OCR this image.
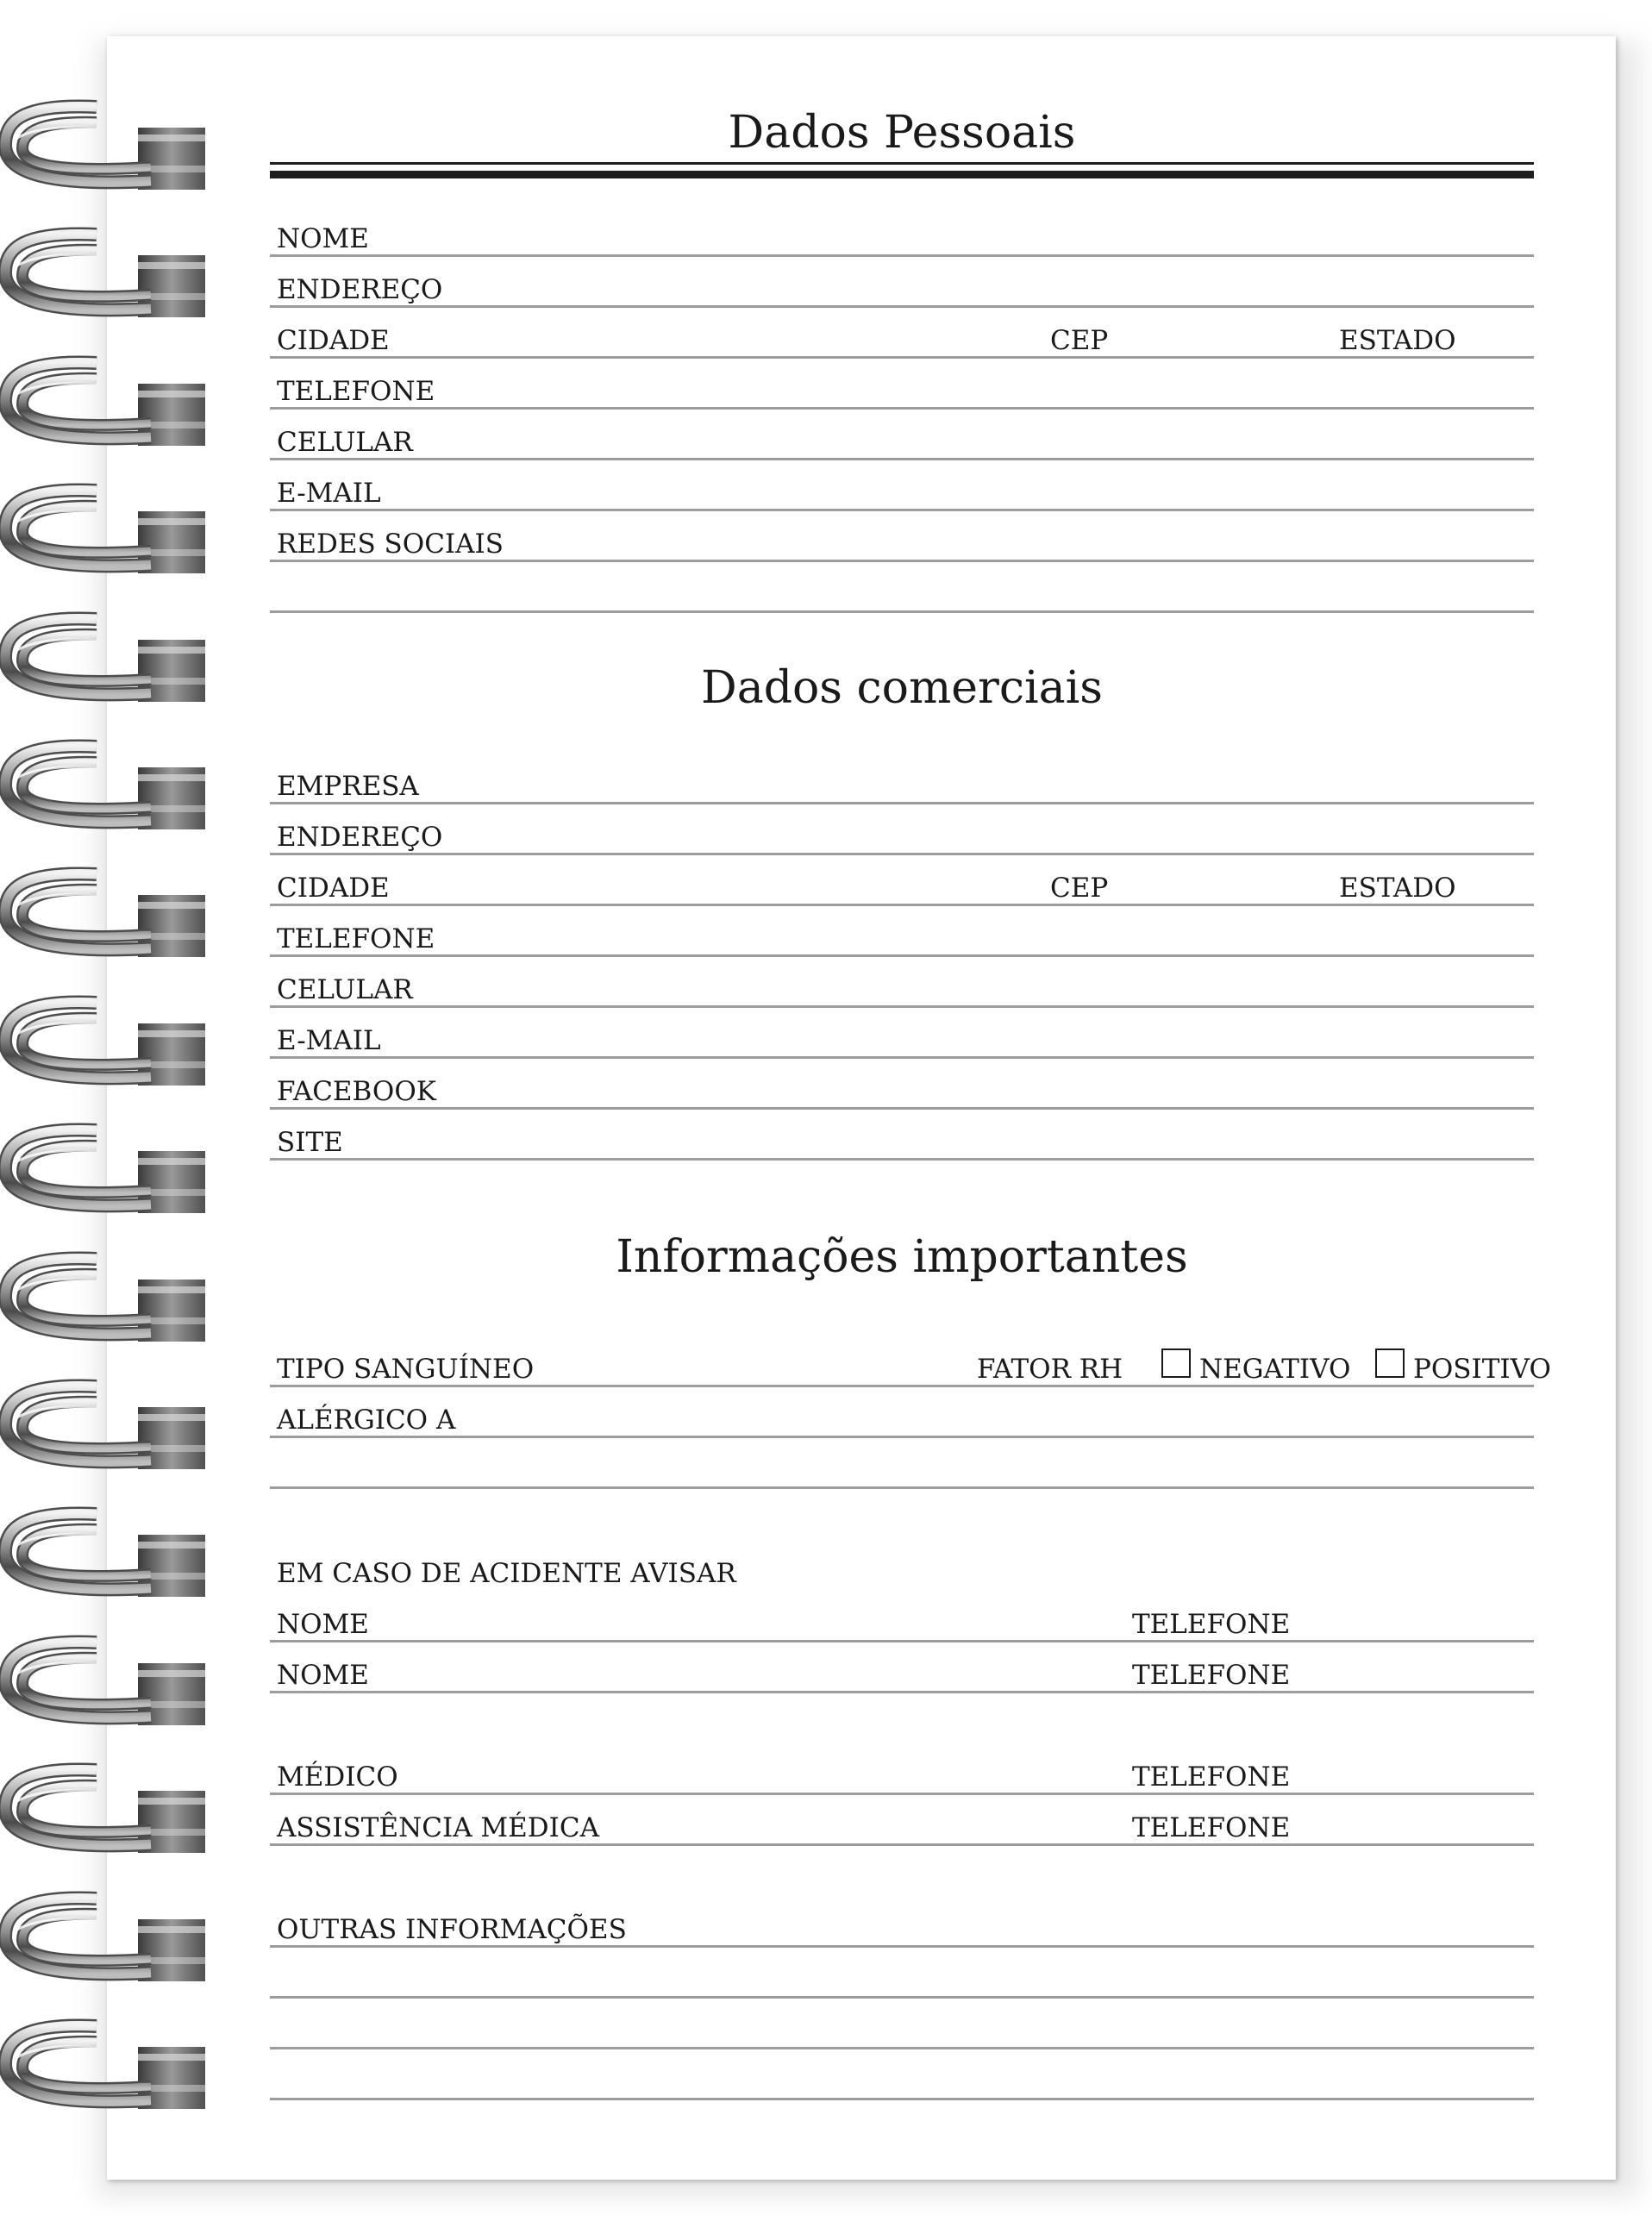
Dados Pessoais
NOME
ENDEREÇO
CIDADE	CEP	ESTADO
TELEFONE
CELULAR
E-MAIL
REDES SOCIAIS
Dados comerciais
EMPRESA
ENDEREÇO
CIDADE	CEP	ESTADO
TELEFONE
CELULAR
E-MAIL
FACEBOOK
SITE
Informações importantes
TIPO SANGUÍNEO	FATOR RH	NEGATIVO POSITIVO
ALÉRGICO A
EM CASO DE ACIDENTE AVISAR
NOME	TELEFONE
NOME	TELEFONE
MÉDICO	TELEFONE
ASSISTÊNCIA MÉDICA	TELEFONE
OUTRAS INFORMAÇÕES
